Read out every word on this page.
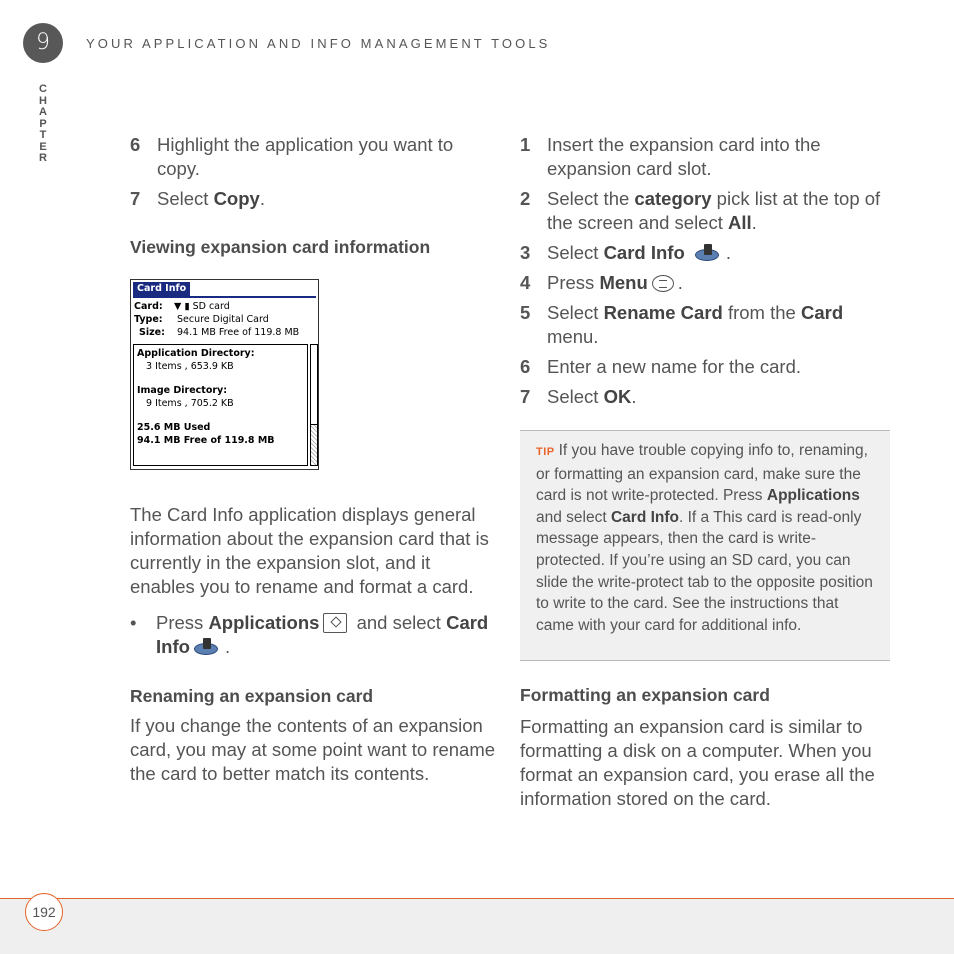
9	YOUR APPLICATION AND INFO MANAGEMENT TOOLS
C
H
A
P
T
E
R
6 Highlight the application you want to copy.
7 Select Copy.
Viewing expansion card information
The Card Info application displays general information about the expansion card that is currently in the expansion slot, and it enables you to rename and format a card.
•	Press Applications and select Card Info .
Renaming an expansion card
If you change the contents of an expansion card, you may at some point want to rename the card to better match its contents.
Card Info
Card: ▼ ▮ SD card
Type: Secure Digital Card
Size: 94.1 MB Free of 119.8 MB
Application Directory:
3 Items , 653.9 KB
Image Directory:
9 Items , 705.2 KB
25.6 MB Used 94.1 MB Free of 119.8 MB
1 Insert the expansion card into the expansion card slot.
2 Select the category pick list at the top of the screen and select All.
3 Select Card Info .
4 Press Menu .
5 Select Rename Card from the Card menu.
6 Enter a new name for the card.
7 Select OK.
TIP If you have trouble copying info to, renaming, or formatting an expansion card, make sure the card is not write-protected. Press Applications and select Card Info. If a This card is read-only message appears, then the card is write-protected. If you’re using an SD card, you can slide the write-protect tab to the opposite position to write to the card. See the instructions that came with your card for additional info.
Formatting an expansion card
Formatting an expansion card is similar to formatting a disk on a computer. When you format an expansion card, you erase all the information stored on the card.
192
